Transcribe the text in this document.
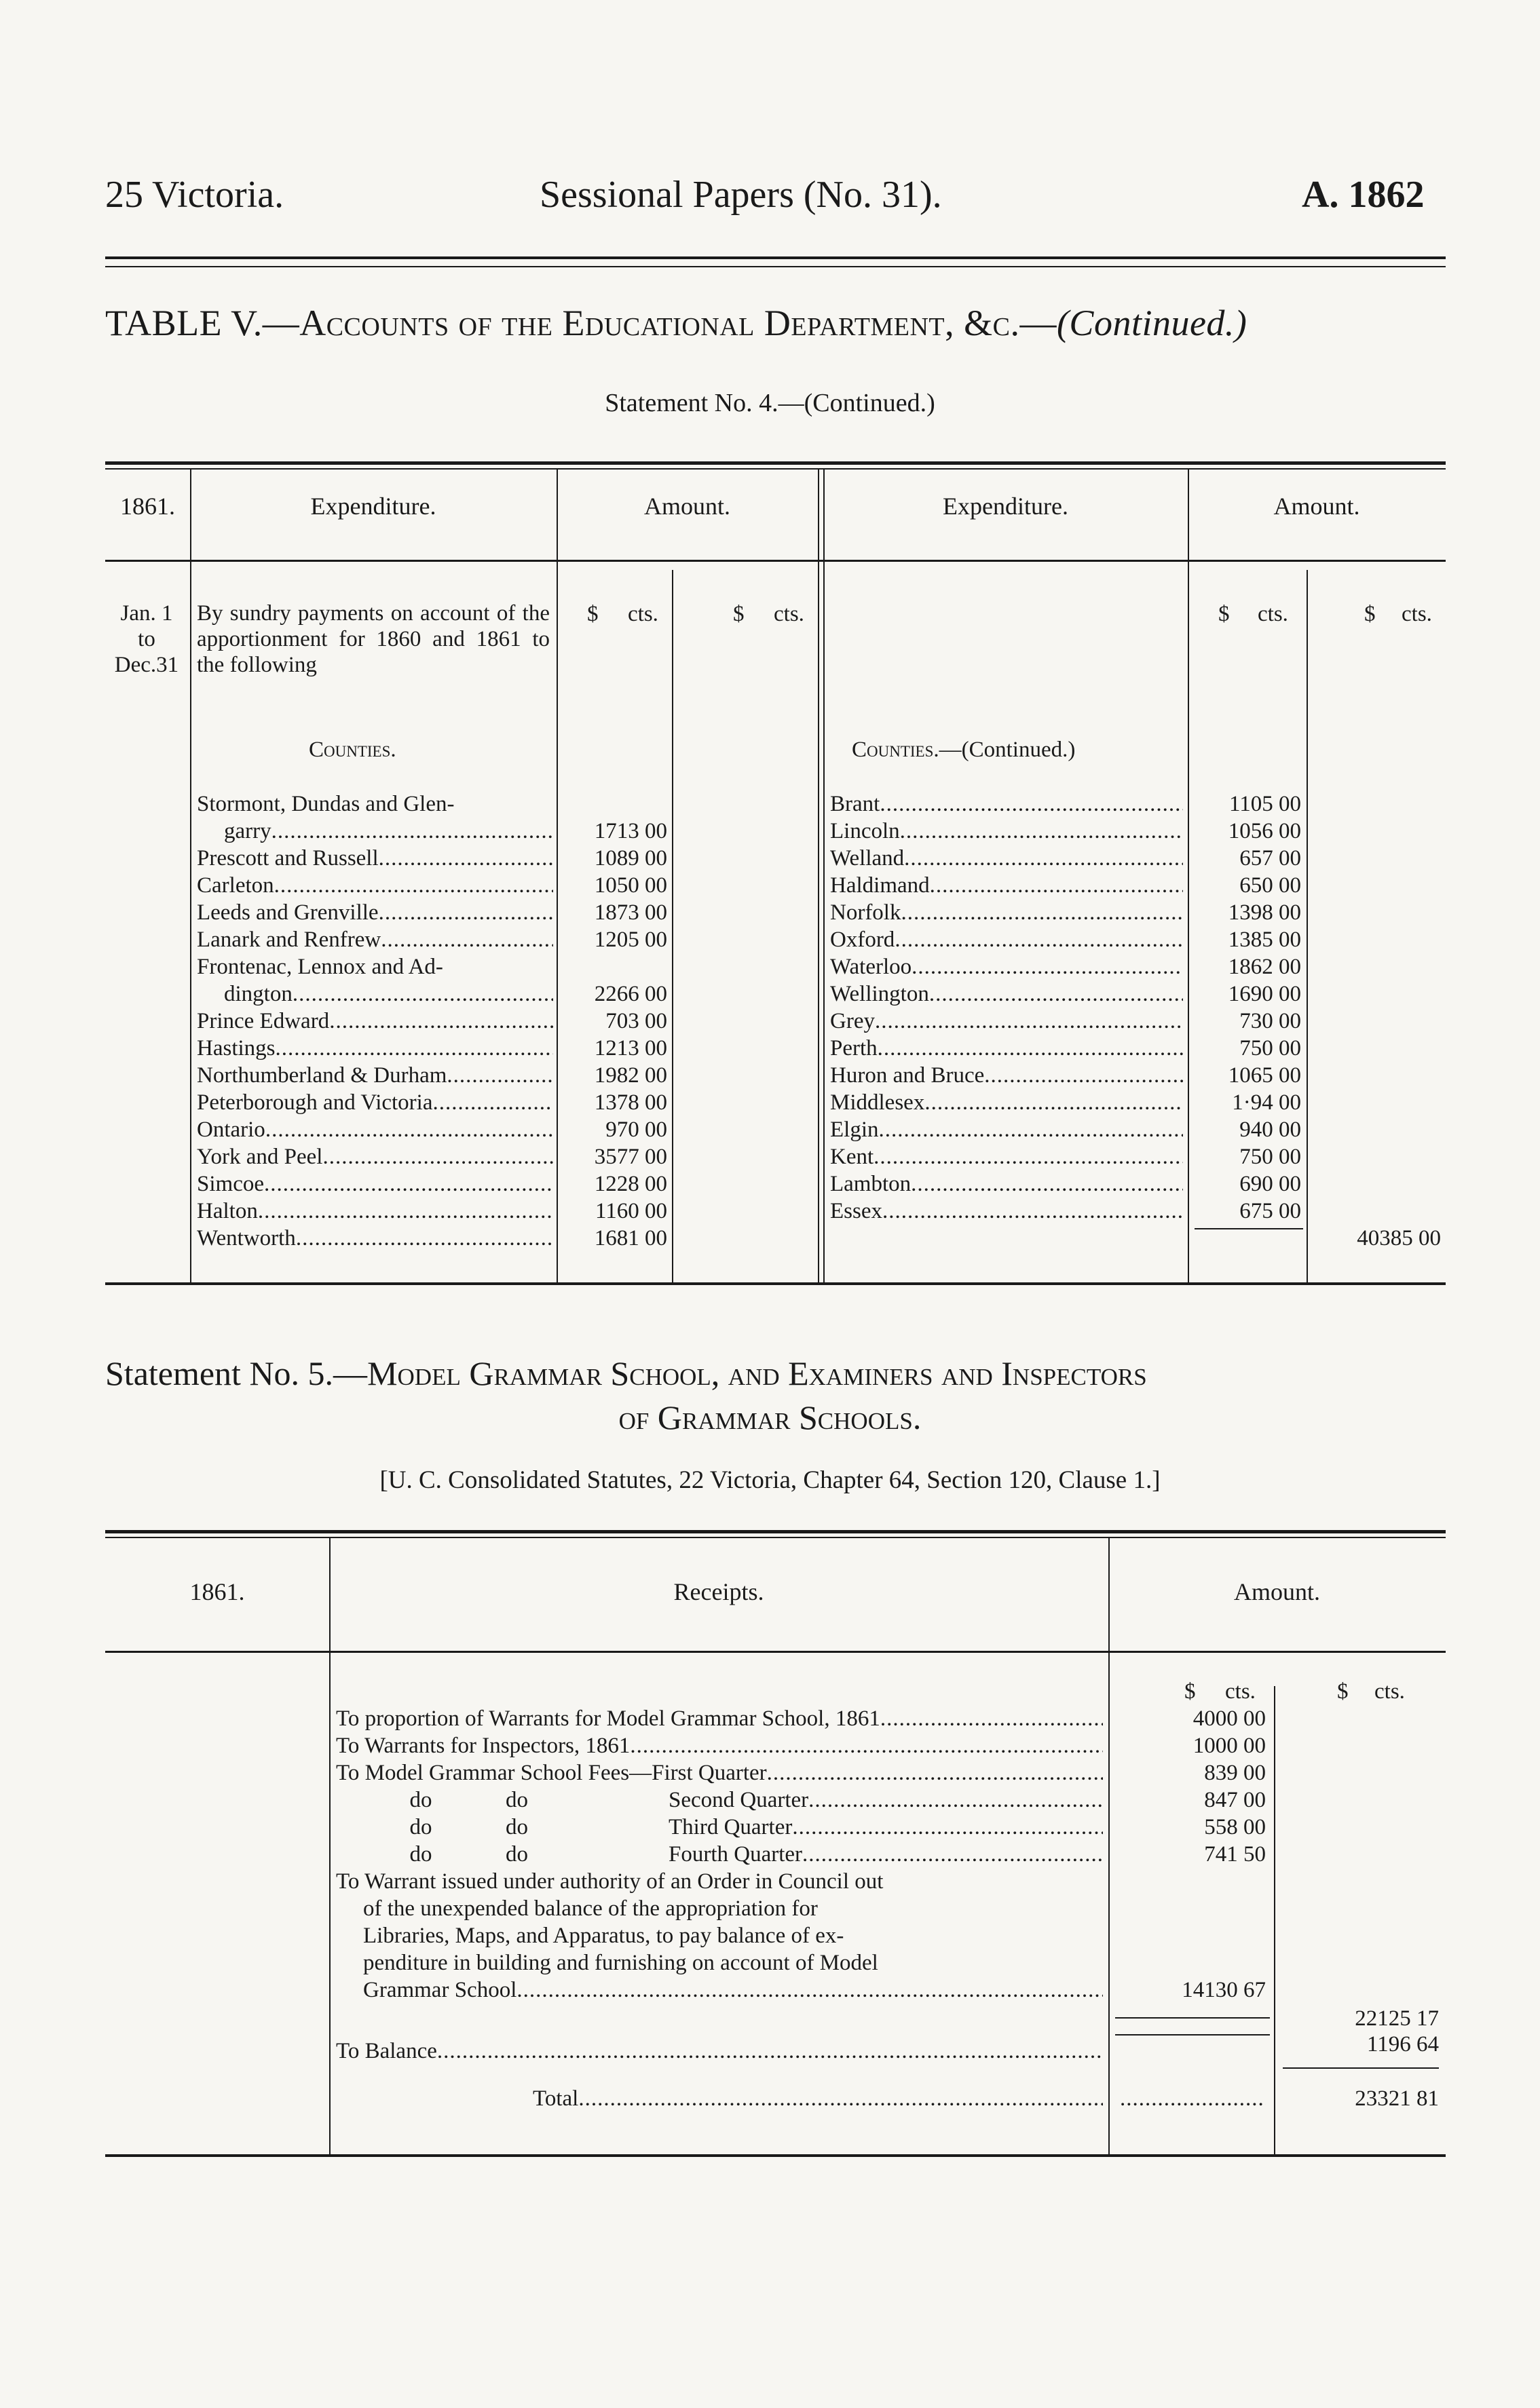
25 Victoria.	Sessional Papers (No. 31).	A. 1862
TABLE V.—Accounts of the Educational Department, &c.—(Continued.)
Statement No. 4.—(Continued.)
1861.	Expenditure.	Amount.	Expenditure.	Amount.
Jan. 1
to
Dec.31
By sundry payments on account of the apportionment for 1860 and 1861 to the following
$ cts.	$ cts.	$ cts.	$ cts.
Counties.	Counties.—(Continued.)
Stormont, Dundas and Glen-
garry .....	1713 00
Prescott and Russell .....	1089 00
Carleton .....	1050 00
Leeds and Grenville .....	1873 00
Lanark and Renfrew .....	1205 00
Frontenac, Lennox and Ad-
dington .....	2266 00
Prince Edward .....	703 00
Hastings .....	1213 00
Northumberland & Durham .....	1982 00
Peterborough and Victoria .....	1378 00
Ontario .....	970 00
York and Peel .....	3577 00
Simcoe .....	1228 00
Halton .....	1160 00
Wentworth .....	1681 00
Brant .....	1105 00
Lincoln .....	1056 00
Welland .....	657 00
Haldimand .....	650 00
Norfolk .....	1398 00
Oxford .....	1385 00
Waterloo .....	1862 00
Wellington .....	1690 00
Grey .....	730 00
Perth .....	750 00
Huron and Bruce .....	1065 00
Middlesex .....	1·94 00
Elgin .....	940 00
Kent .....	750 00
Lambton .....	690 00
Essex .....	675 00
40385 00
Statement No. 5.—Model Grammar School, and Examiners and Inspectors
of Grammar Schools.
[U. C. Consolidated Statutes, 22 Victoria, Chapter 64, Section 120, Clause 1.]
1861.	Receipts.	Amount.
$ cts.	$ cts.
To proportion of Warrants for Model Grammar School, 1861 .....	4000 00
To Warrants for Inspectors, 1861 .....	1000 00
To Model Grammar School Fees—First Quarter .....	839 00
do	do	Second Quarter .....	847 00
do	do	Third Quarter .....	558 00
do	do	Fourth Quarter .....	741 50
To Warrant issued under authority of an Order in Council out
of the unexpended balance of the appropriation for
Libraries, Maps, and Apparatus, to pay balance of ex-
penditure in building and furnishing on account of Model
Grammar School .....	14130 67
22125 17
To Balance .....	1196 64
Total ..... .....	23321 81
